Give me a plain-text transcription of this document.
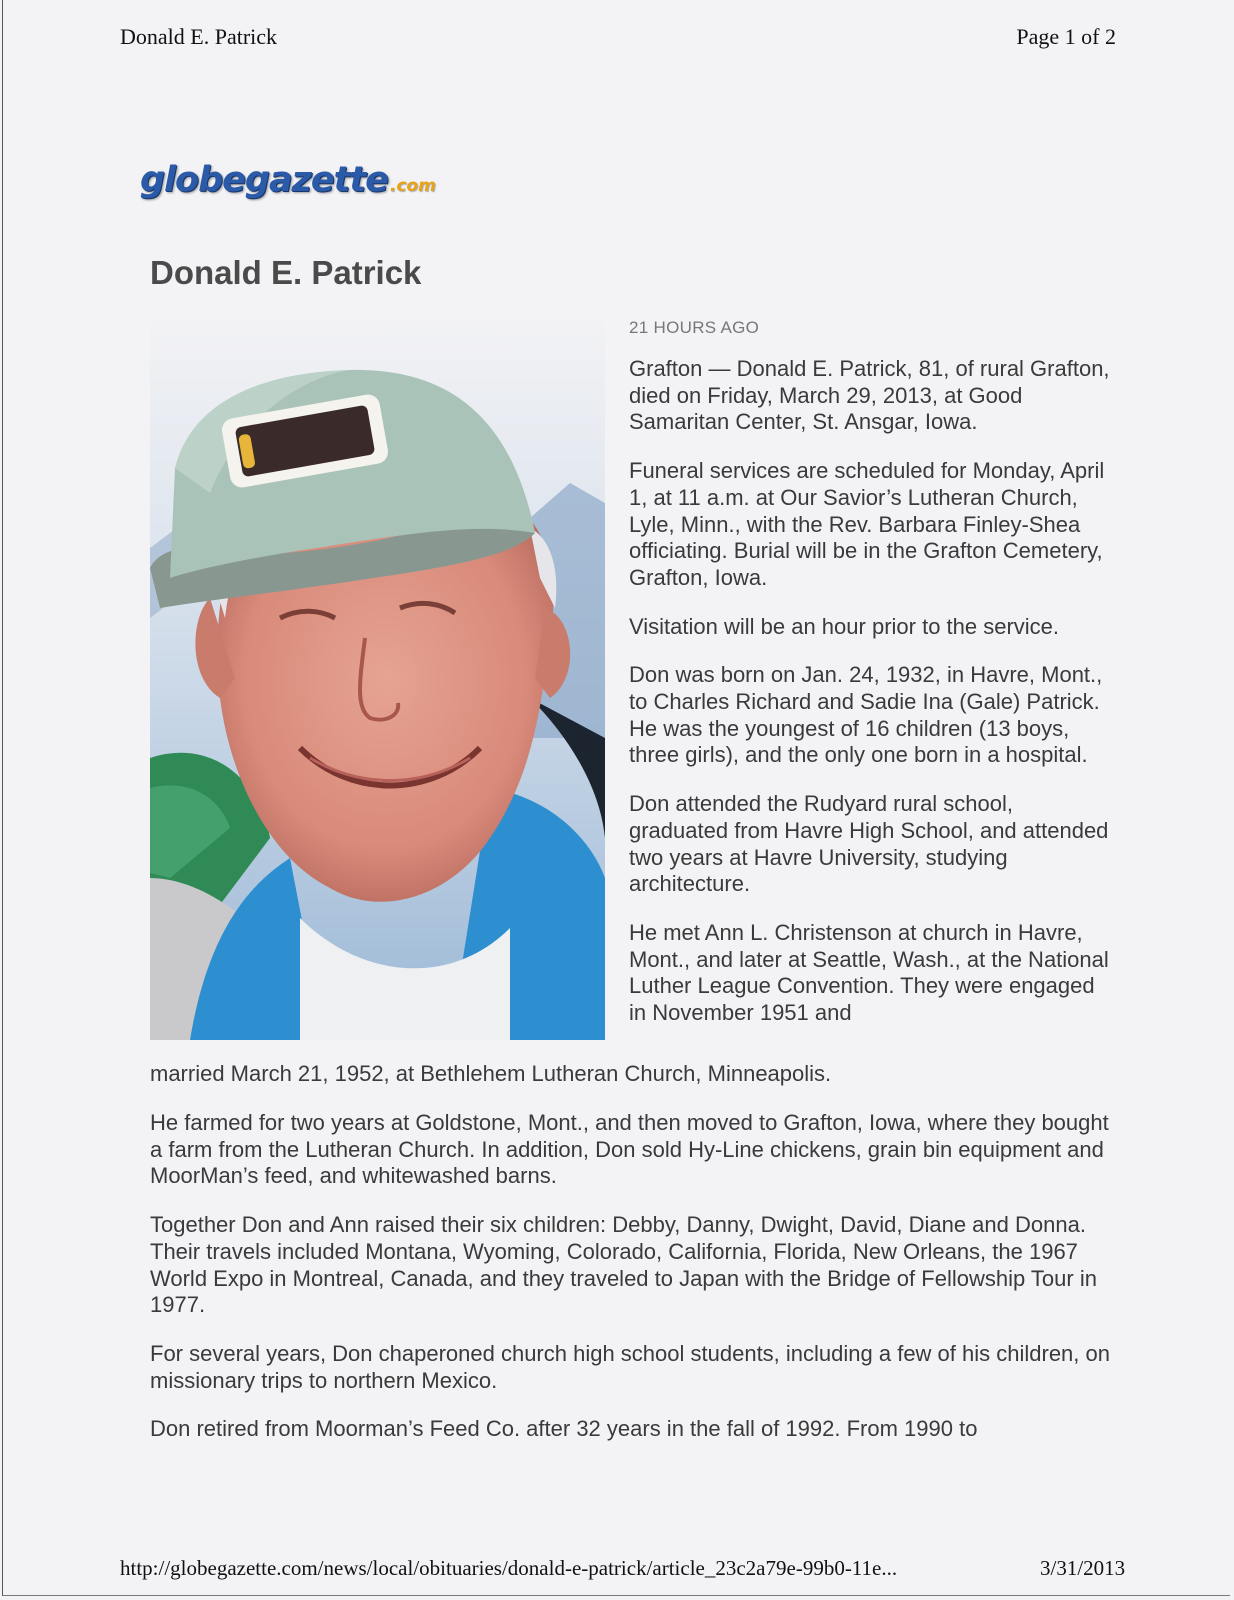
Donald E. Patrick	Page 1 of 2
globegazette .com
Donald E. Patrick
21 HOURS AGO

Grafton — Donald E. Patrick, 81, of rural Grafton, died on Friday, March 29, 2013, at Good Samaritan Center, St. Ansgar, Iowa.

Funeral services are scheduled for Monday, April 1, at 11 a.m. at Our Savior’s Lutheran Church, Lyle, Minn., with the Rev. Barbara Finley-Shea officiating. Burial will be in the Grafton Cemetery, Grafton, Iowa.

Visitation will be an hour prior to the service.

Don was born on Jan. 24, 1932, in Havre, Mont., to Charles Richard and Sadie Ina (Gale) Patrick. He was the youngest of 16 children (13 boys, three girls), and the only one born in a hospital.

Don attended the Rudyard rural school, graduated from Havre High School, and attended two years at Havre University, studying architecture.

He met Ann L. Christenson at church in Havre, Mont., and later at Seattle, Wash., at the National Luther League Convention. They were engaged in November 1951 and

married March 21, 1952, at Bethlehem Lutheran Church, Minneapolis.

He farmed for two years at Goldstone, Mont., and then moved to Grafton, Iowa, where they bought a farm from the Lutheran Church. In addition, Don sold Hy-Line chickens, grain bin equipment and MoorMan’s feed, and whitewashed barns.

Together Don and Ann raised their six children: Debby, Danny, Dwight, David, Diane and Donna. Their travels included Montana, Wyoming, Colorado, California, Florida, New Orleans, the 1967 World Expo in Montreal, Canada, and they traveled to Japan with the Bridge of Fellowship Tour in 1977.

For several years, Don chaperoned church high school students, including a few of his children, on missionary trips to northern Mexico.

Don retired from Moorman’s Feed Co. after 32 years in the fall of 1992. From 1990 to

http://globegazette.com/news/local/obituaries/donald-e-patrick/article_23c2a79e-99b0-11e...	3/31/2013
